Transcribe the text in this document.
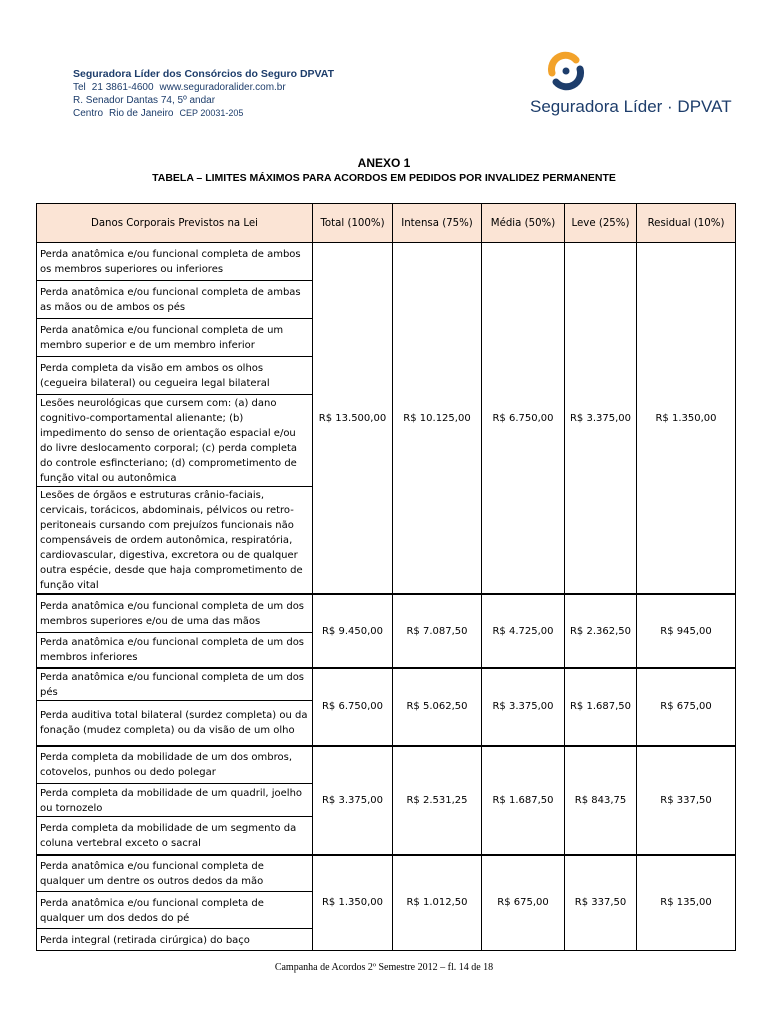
Seguradora Líder dos Consórcios do Seguro DPVAT
Tel 21 3861-4600 www.seguradoralider.com.br
R. Senador Dantas 74, 5º andar
Centro Rio de Janeiro CEP 20031-205	Seguradora Líder · DPVAT
ANEXO 1
TABELA – LIMITES MÁXIMOS PARA ACORDOS EM PEDIDOS POR INVALIDEZ PERMANENTE
Danos Corporais Previstos na Lei	Total (100%)	Intensa (75%)	Média (50%)	Leve (25%)	Residual (10%)
Perda anatômica e/ou funcional completa de ambos os membros superiores ou inferiores	R$ 13.500,00	R$ 10.125,00	R$ 6.750,00	R$ 3.375,00	R$ 1.350,00
Perda anatômica e/ou funcional completa de ambas as mãos ou de ambos os pés					
Perda anatômica e/ou funcional completa de um membro superior e de um membro inferior					
Perda completa da visão em ambos os olhos (cegueira bilateral) ou cegueira legal bilateral					
Lesões neurológicas que cursem com: (a) dano cognitivo-comportamental alienante; (b) impedimento do senso de orientação espacial e/ou do livre deslocamento corporal; (c) perda completa do controle esfincteriano; (d) comprometimento de função vital ou autonômica					
Lesões de órgãos e estruturas crânio-faciais, cervicais, torácicos, abdominais, pélvicos ou retro-peritoneais cursando com prejuízos funcionais não compensáveis de ordem autonômica, respiratória, cardiovascular, digestiva, excretora ou de qualquer outra espécie, desde que haja comprometimento de função vital					
Perda anatômica e/ou funcional completa de um dos membros superiores e/ou de uma das mãos	R$ 9.450,00	R$ 7.087,50	R$ 4.725,00	R$ 2.362,50	R$ 945,00
Perda anatômica e/ou funcional completa de um dos membros inferiores					
Perda anatômica e/ou funcional completa de um dos pés	R$ 6.750,00	R$ 5.062,50	R$ 3.375,00	R$ 1.687,50	R$ 675,00
Perda auditiva total bilateral (surdez completa) ou da fonação (mudez completa) ou da visão de um olho					
Perda completa da mobilidade de um dos ombros, cotovelos, punhos ou dedo polegar	R$ 3.375,00	R$ 2.531,25	R$ 1.687,50	R$ 843,75	R$ 337,50
Perda completa da mobilidade de um quadril, joelho ou tornozelo					
Perda completa da mobilidade de um segmento da coluna vertebral exceto o sacral					
Perda anatômica e/ou funcional completa de qualquer um dentre os outros dedos da mão	R$ 1.350,00	R$ 1.012,50	R$ 675,00	R$ 337,50	R$ 135,00
Perda anatômica e/ou funcional completa de qualquer um dos dedos do pé					
Perda integral (retirada cirúrgica) do baço					
Campanha de Acordos 2º Semestre 2012 – fl. 14 de 18
